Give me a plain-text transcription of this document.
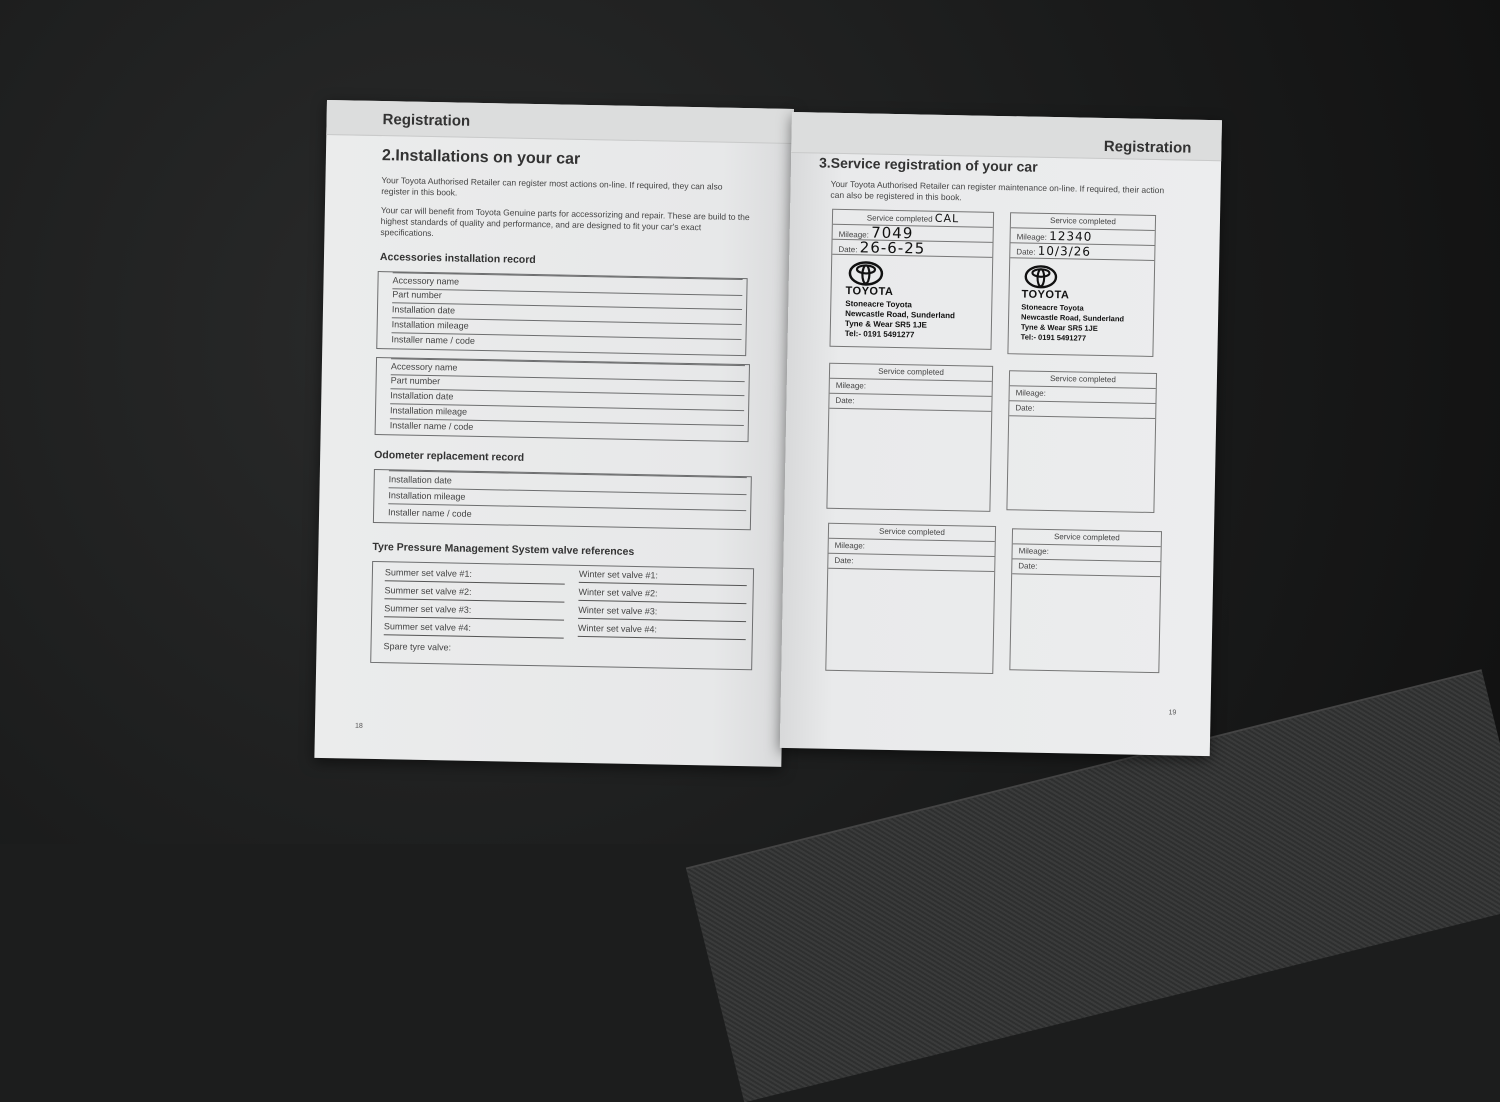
Registration
2.Installations on your car
Your Toyota Authorised Retailer can register most actions on-line. If required, they can also register in this book.
Your car will benefit from Toyota Genuine parts for accessorizing and repair. These are build to the highest standards of quality and performance, and are designed to fit your car's exact specifications.
Accessories installation record
Accessory name
Part number
Installation date
Installation mileage
Installer name / code
Accessory name
Part number
Installation date
Installation mileage
Installer name / code
Odometer replacement record
Installation date
Installation mileage
Installer name / code
Tyre Pressure Management System valve references
Summer set valve #1:
Summer set valve #2:
Summer set valve #3:
Summer set valve #4:
Spare tyre valve:
Winter set valve #1:
Winter set valve #2:
Winter set valve #3:
Winter set valve #4:
18
Registration
3.Service registration of your car
Your Toyota Authorised Retailer can register maintenance on-line. If required, their action can also be registered in this book.
Service completed CAL
Mileage: 7049
Date: 26-6-25
TOYOTA
Stoneacre Toyota
Newcastle Road, Sunderland
Tyne & Wear SR5 1JE
Tel:- 0191 5491277
Service completed
Mileage: 12340
Date: 10/3/26
TOYOTA
Stoneacre Toyota
Newcastle Road, Sunderland
Tyne & Wear SR5 1JE
Tel:- 0191 5491277
Service completed
Mileage:
Date:
Service completed
Mileage:
Date:
Service completed
Mileage:
Date:
Service completed
Mileage:
Date:
19
